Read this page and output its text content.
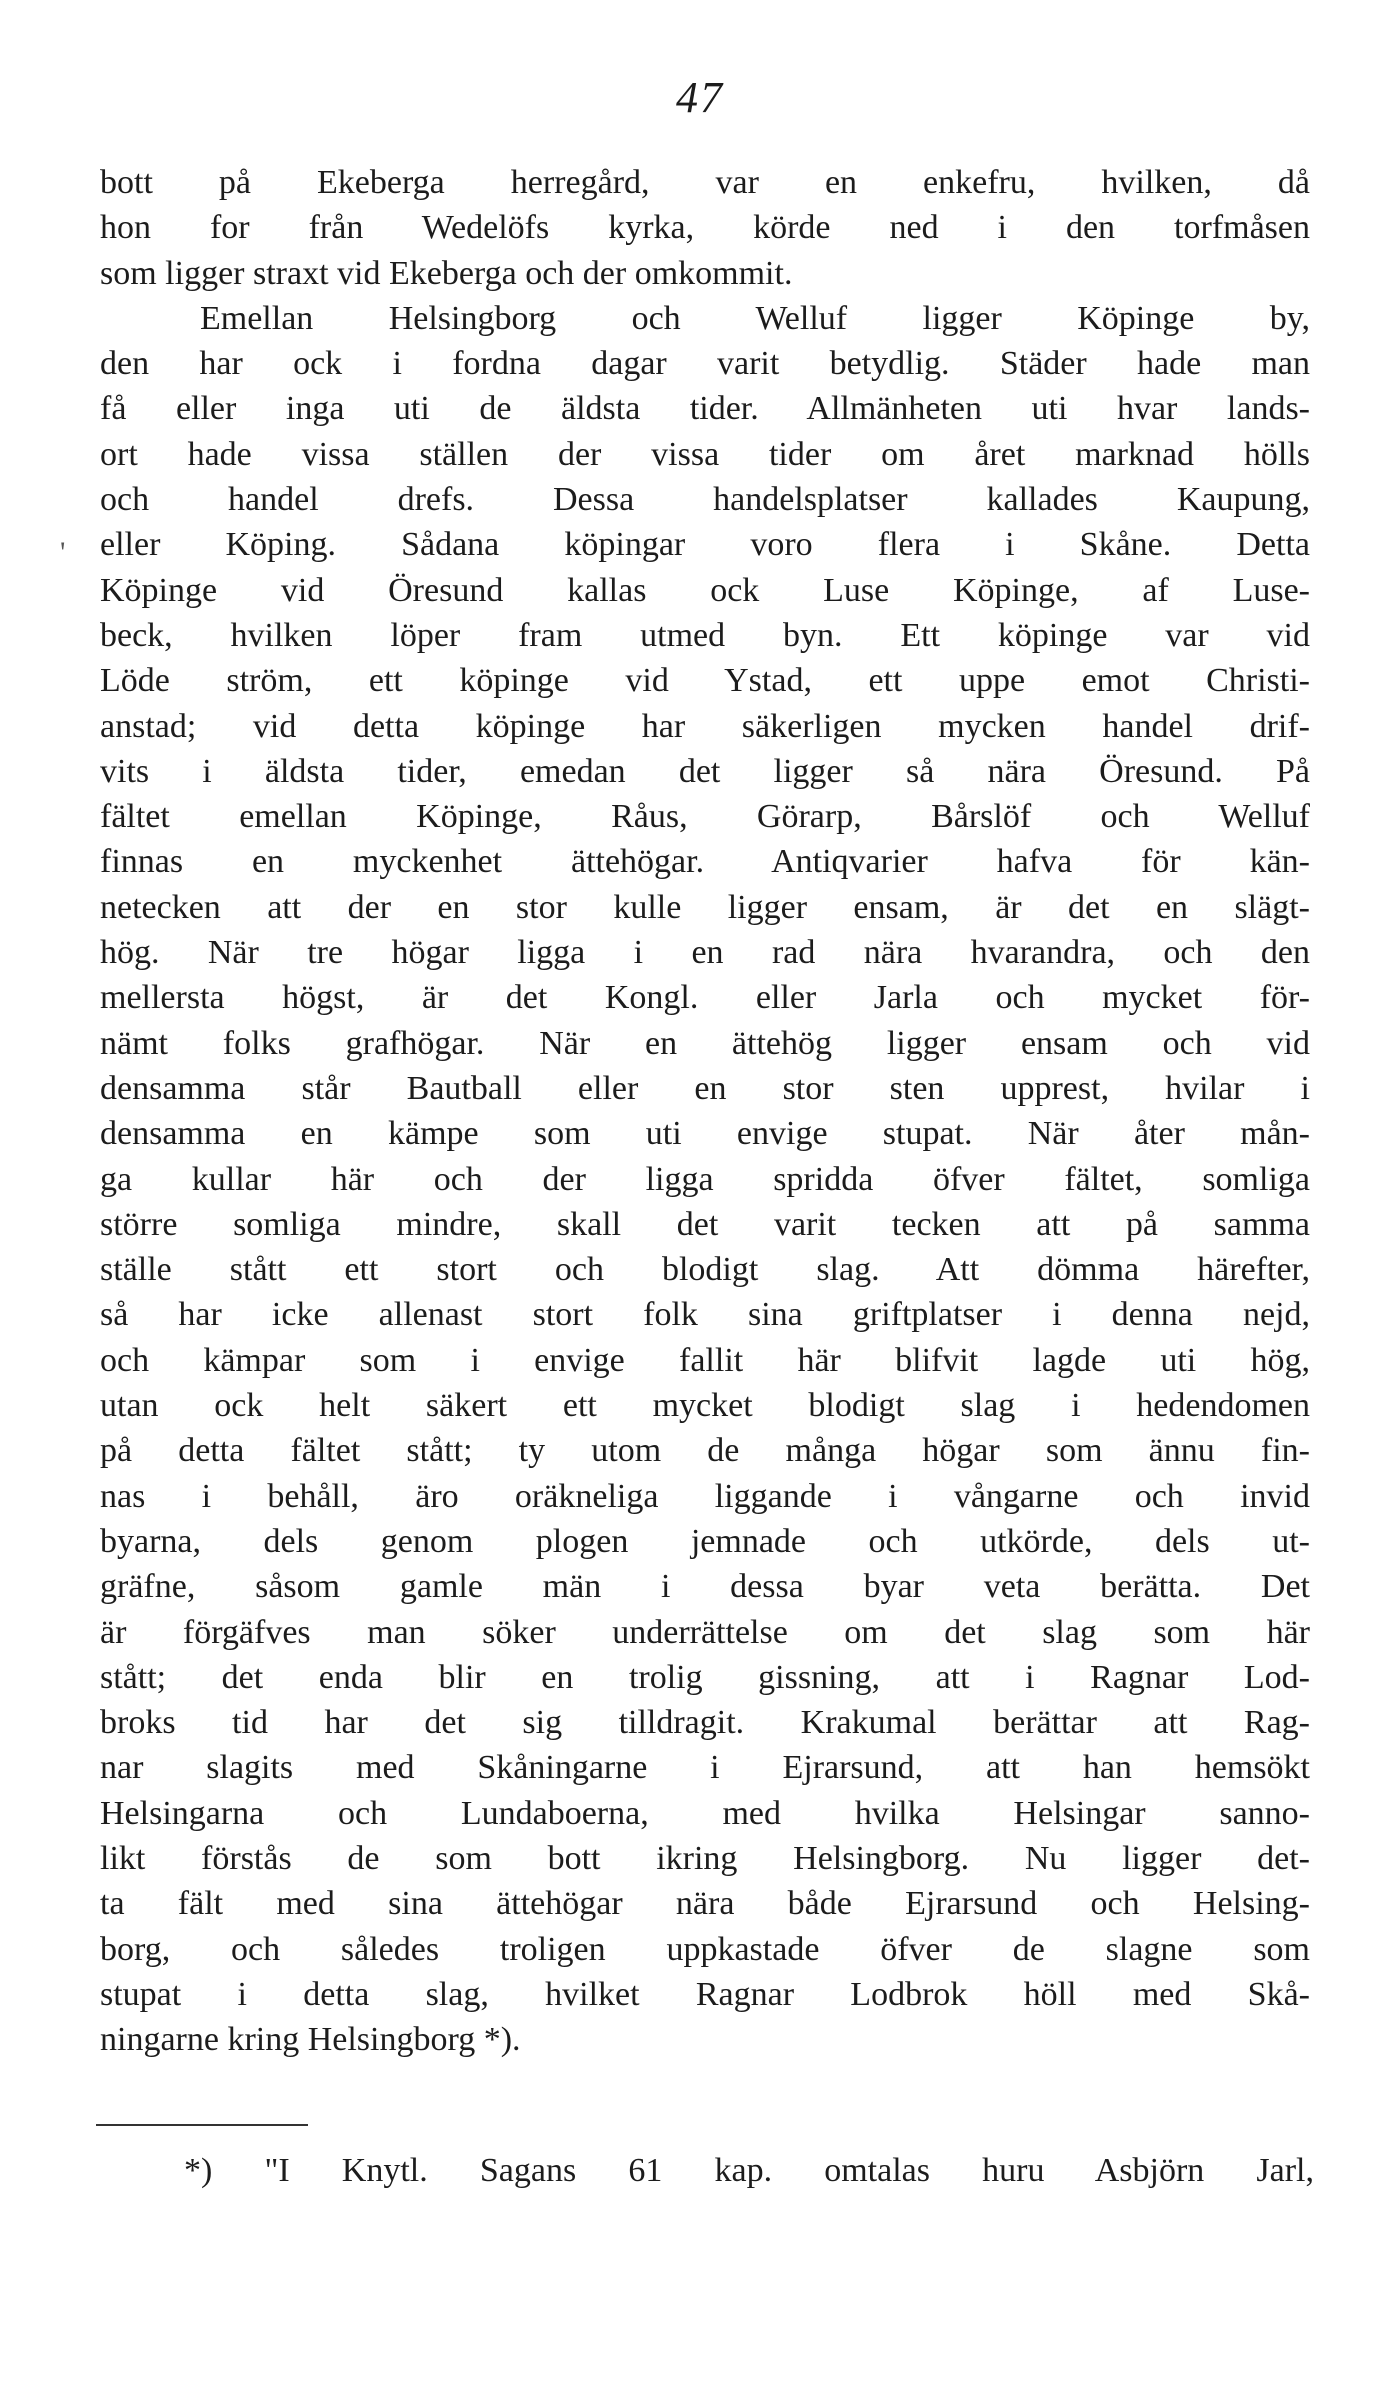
47
'
bott på Ekeberga herregård, var en enkefru, hvilken, då
hon for från Wedelöfs kyrka, körde ned i den torfmåsen
som ligger straxt vid Ekeberga och der omkommit.
Emellan Helsingborg och Welluf ligger Köpinge by,
den har ock i fordna dagar varit betydlig. Städer hade man
få eller inga uti de äldsta tider. Allmänheten uti hvar lands-
ort hade vissa ställen der vissa tider om året marknad hölls
och handel drefs. Dessa handelsplatser kallades Kaupung,
eller Köping. Sådana köpingar voro flera i Skåne. Detta
Köpinge vid Öresund kallas ock Luse Köpinge, af Luse-
beck, hvilken löper fram utmed byn. Ett köpinge var vid
Löde ström, ett köpinge vid Ystad, ett uppe emot Christi-
anstad; vid detta köpinge har säkerligen mycken handel drif-
vits i äldsta tider, emedan det ligger så nära Öresund. På
fältet emellan Köpinge, Råus, Görarp, Bårslöf och Welluf
finnas en myckenhet ättehögar. Antiqvarier hafva för kän-
netecken att der en stor kulle ligger ensam, är det en slägt-
hög. När tre högar ligga i en rad nära hvarandra, och den
mellersta högst, är det Kongl. eller Jarla och mycket för-
nämt folks grafhögar. När en ättehög ligger ensam och vid
densamma står Bautball eller en stor sten upprest, hvilar i
densamma en kämpe som uti envige stupat. När åter mån-
ga kullar här och der ligga spridda öfver fältet, somliga
större somliga mindre, skall det varit tecken att på samma
ställe stått ett stort och blodigt slag. Att dömma härefter,
så har icke allenast stort folk sina griftplatser i denna nejd,
och kämpar som i envige fallit här blifvit lagde uti hög,
utan ock helt säkert ett mycket blodigt slag i hedendomen
på detta fältet stått; ty utom de många högar som ännu fin-
nas i behåll, äro oräkneliga liggande i vångarne och invid
byarna, dels genom plogen jemnade och utkörde, dels ut-
gräfne, såsom gamle män i dessa byar veta berätta. Det
är förgäfves man söker underrättelse om det slag som här
stått; det enda blir en trolig gissning, att i Ragnar Lod-
broks tid har det sig tilldragit. Krakumal berättar att Rag-
nar slagits med Skåningarne i Ejrarsund, att han hemsökt
Helsingarna och Lundaboerna, med hvilka Helsingar sanno-
likt förstås de som bott ikring Helsingborg. Nu ligger det-
ta fält med sina ättehögar nära både Ejrarsund och Helsing-
borg, och således troligen uppkastade öfver de slagne som
stupat i detta slag, hvilket Ragnar Lodbrok höll med Skå-
ningarne kring Helsingborg *).
*) "I Knytl. Sagans 61 kap. omtalas huru Asbjörn Jarl,
